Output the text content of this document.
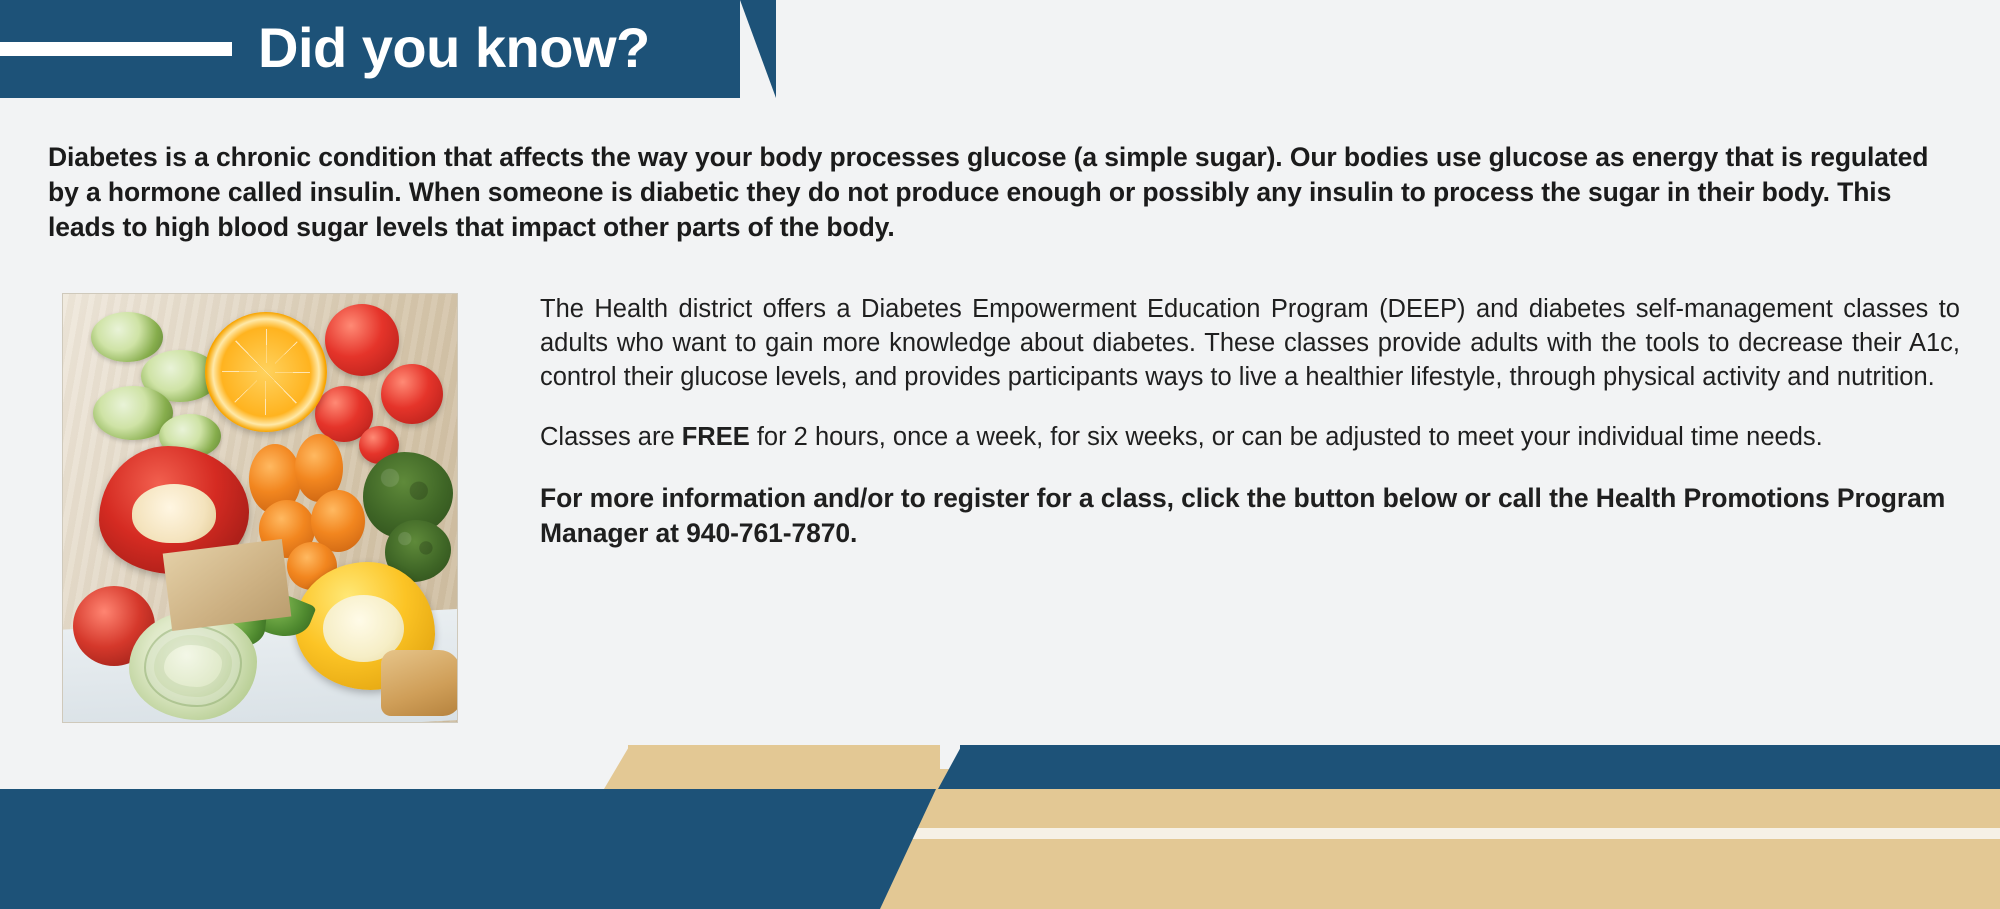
Did you know?
Diabetes is a chronic condition that affects the way your body processes glucose (a simple sugar). Our bodies use glucose as energy that is regulated by a hormone called insulin. When someone is diabetic they do not produce enough or possibly any insulin to process the sugar in their body. This leads to high blood sugar levels that impact other parts of the body.

The Health district offers a Diabetes Empowerment Education Program (DEEP) and diabetes self-management classes to adults who want to gain more knowledge about diabetes. These classes provide adults with the tools to decrease their A1c, control their glucose levels, and provides participants ways to live a healthier lifestyle, through physical activity and nutrition.

Classes are FREE for 2 hours, once a week, for six weeks, or can be adjusted to meet your individual time needs.

For more information and/or to register for a class, click the button below or call the Health Promotions Program Manager at 940-761-7870.
